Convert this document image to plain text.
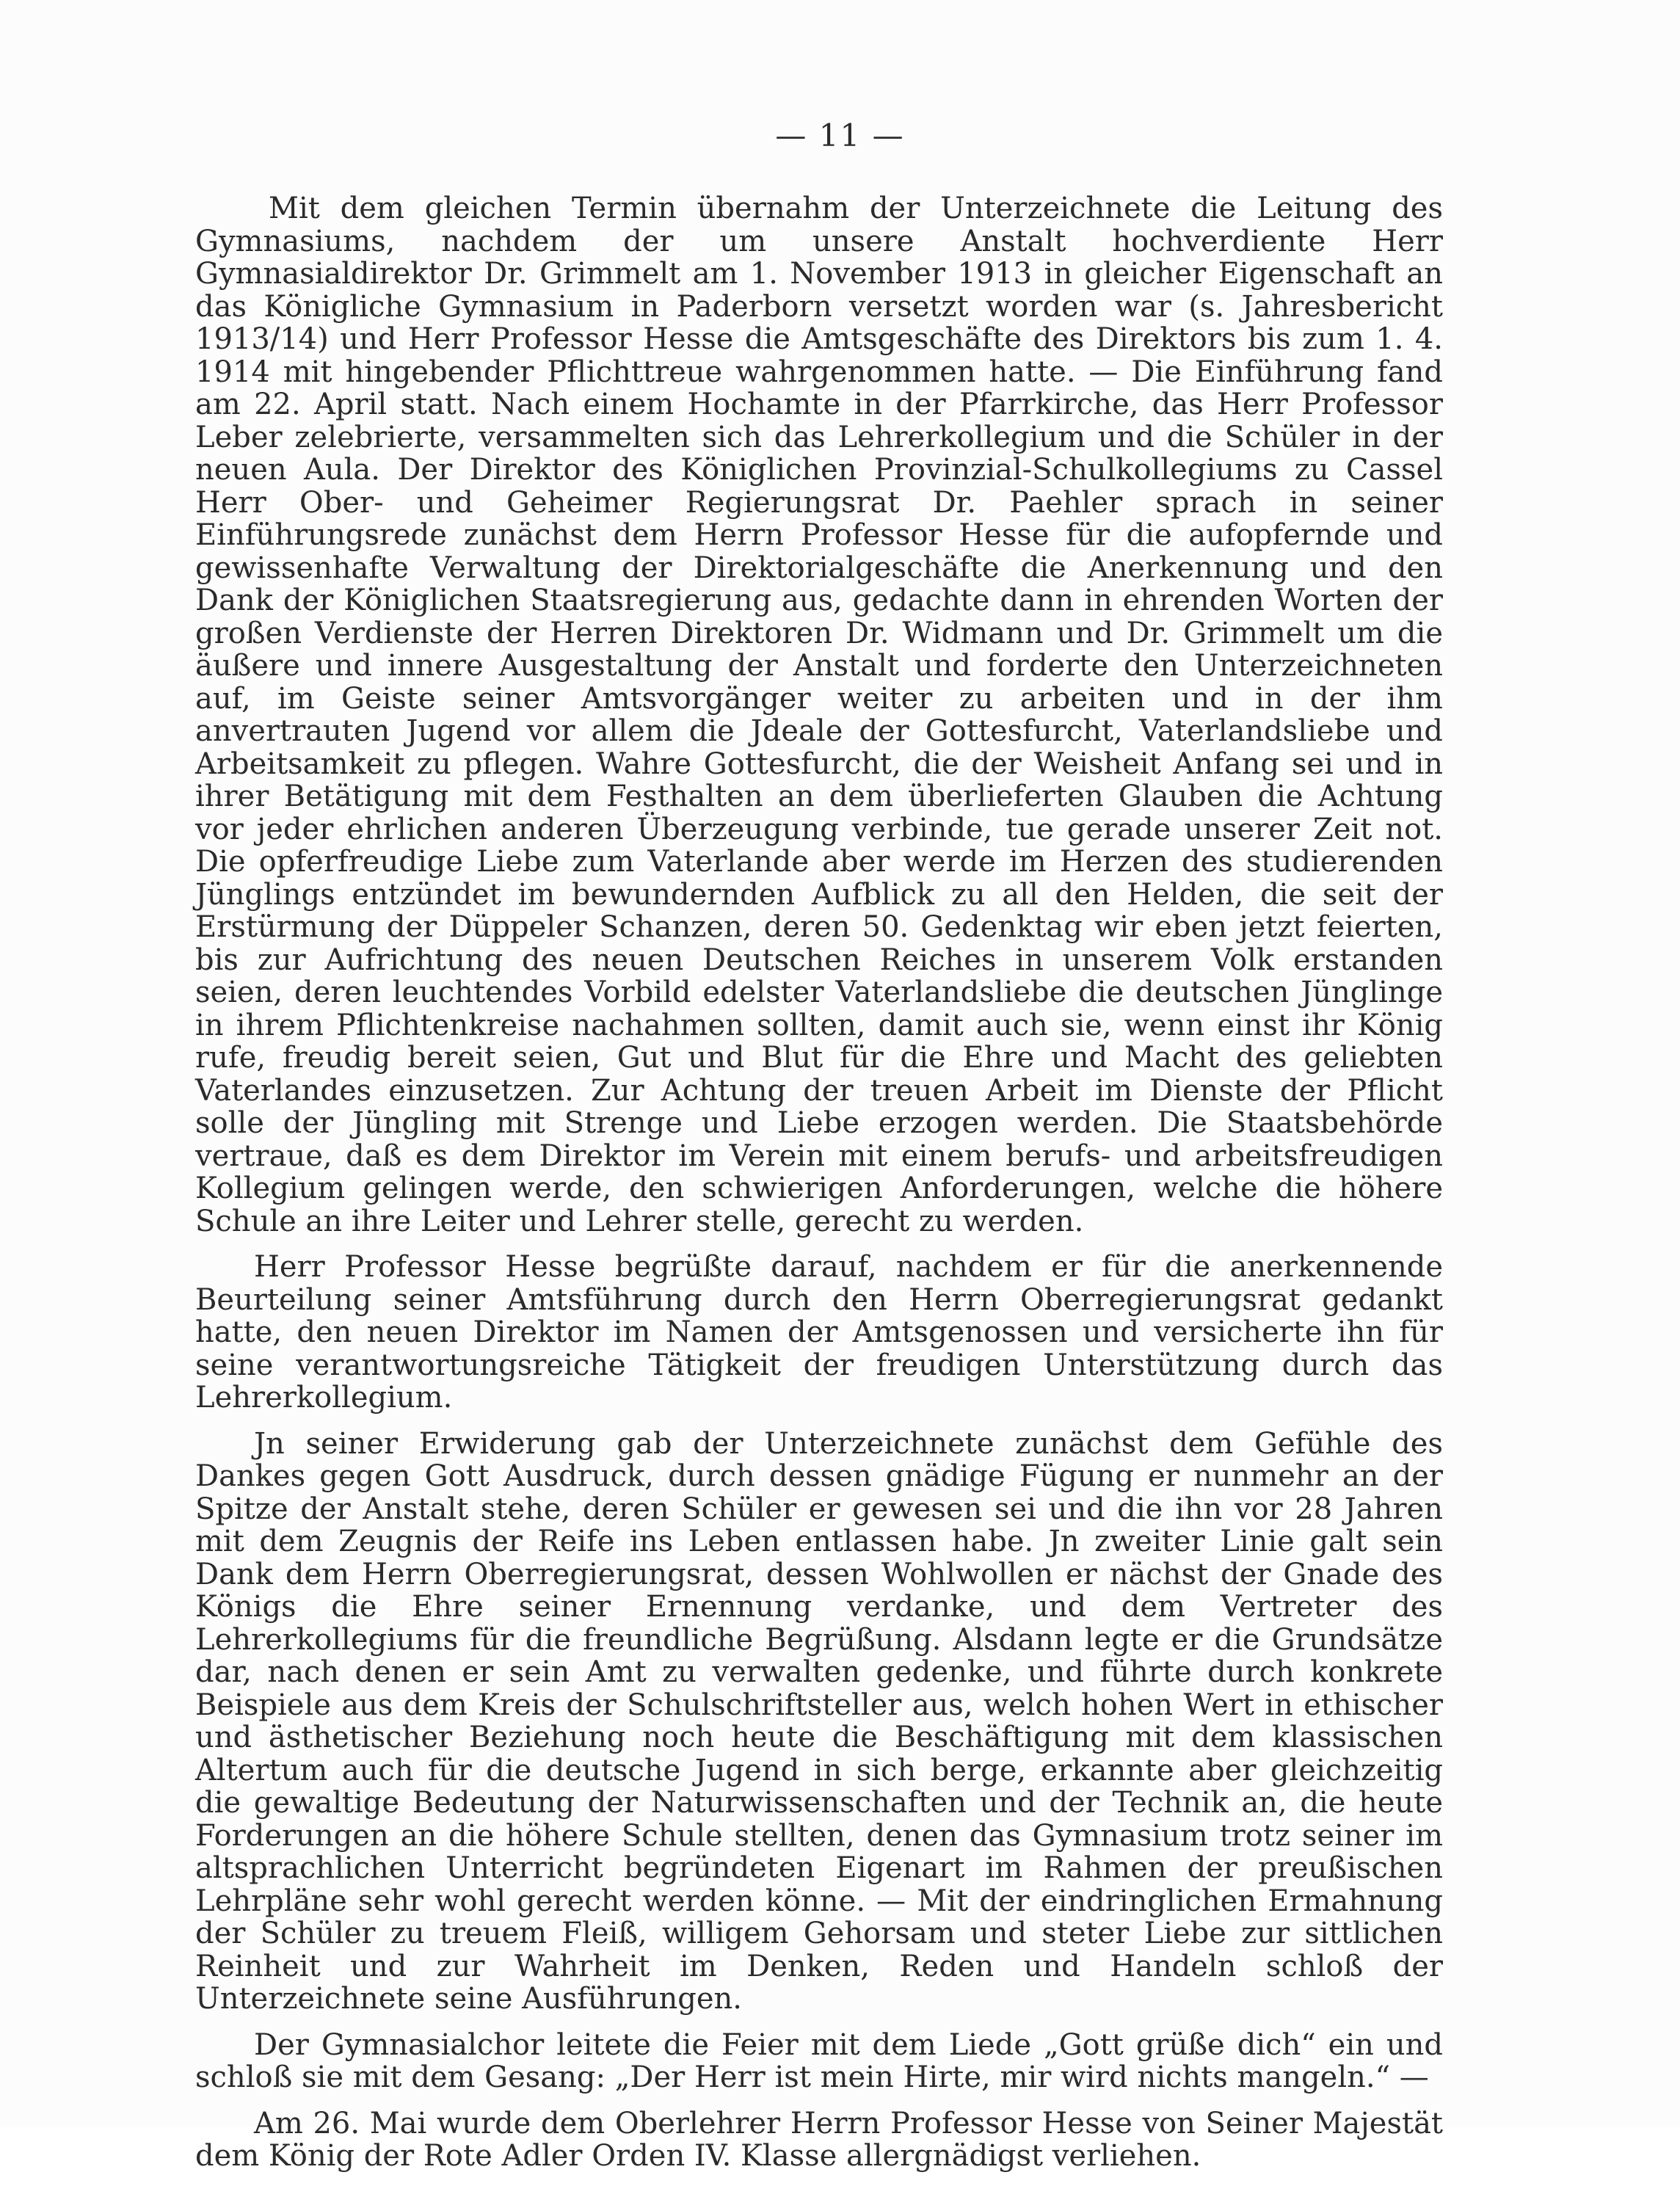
— 11 —

Mit dem gleichen Termin übernahm der Unterzeichnete die Leitung des Gymnasiums, nachdem der um unsere Anstalt hochverdiente Herr Gymnasialdirektor Dr. Grimmelt am 1. November 1913 in gleicher Eigenschaft an das Königliche Gymnasium in Paderborn versetzt worden war (s. Jahresbericht 1913/14) und Herr Professor Hesse die Amtsgeschäfte des Direktors bis zum 1. 4. 1914 mit hingebender Pflichttreue wahrgenommen hatte. — Die Einführung fand am 22. April statt. Nach einem Hochamte in der Pfarrkirche, das Herr Professor Leber zelebrierte, versammelten sich das Lehrerkollegium und die Schüler in der neuen Aula. Der Direktor des Königlichen Provinzial-Schulkollegiums zu Cassel Herr Ober- und Geheimer Regierungsrat Dr. Paehler sprach in seiner Einführungsrede zunächst dem Herrn Professor Hesse für die aufopfernde und gewissenhafte Verwaltung der Direktorialgeschäfte die Anerkennung und den Dank der Königlichen Staatsregierung aus, gedachte dann in ehrenden Worten der großen Verdienste der Herren Direktoren Dr. Widmann und Dr. Grimmelt um die äußere und innere Ausgestaltung der Anstalt und forderte den Unterzeichneten auf, im Geiste seiner Amtsvorgänger weiter zu arbeiten und in der ihm anvertrauten Jugend vor allem die Jdeale der Gottesfurcht, Vaterlandsliebe und Arbeitsamkeit zu pflegen. Wahre Gottesfurcht, die der Weisheit Anfang sei und in ihrer Betätigung mit dem Festhalten an dem überlieferten Glauben die Achtung vor jeder ehrlichen anderen Überzeugung verbinde, tue gerade unserer Zeit not. Die opferfreudige Liebe zum Vaterlande aber werde im Herzen des studierenden Jünglings entzündet im bewundernden Aufblick zu all den Helden, die seit der Erstürmung der Düppeler Schanzen, deren 50. Gedenktag wir eben jetzt feierten, bis zur Aufrichtung des neuen Deutschen Reiches in unserem Volk erstanden seien, deren leuchtendes Vorbild edelster Vaterlandsliebe die deutschen Jünglinge in ihrem Pflichtenkreise nachahmen sollten, damit auch sie, wenn einst ihr König rufe, freudig bereit seien, Gut und Blut für die Ehre und Macht des geliebten Vaterlandes einzusetzen. Zur Achtung der treuen Arbeit im Dienste der Pflicht solle der Jüngling mit Strenge und Liebe erzogen werden. Die Staatsbehörde vertraue, daß es dem Direktor im Verein mit einem berufs- und arbeitsfreudigen Kollegium gelingen werde, den schwierigen Anforderungen, welche die höhere Schule an ihre Leiter und Lehrer stelle, gerecht zu werden.

Herr Professor Hesse begrüßte darauf, nachdem er für die anerkennende Beurteilung seiner Amtsführung durch den Herrn Oberregierungsrat gedankt hatte, den neuen Direktor im Namen der Amtsgenossen und versicherte ihn für seine verantwortungsreiche Tätigkeit der freudigen Unterstützung durch das Lehrerkollegium.

Jn seiner Erwiderung gab der Unterzeichnete zunächst dem Gefühle des Dankes gegen Gott Ausdruck, durch dessen gnädige Fügung er nunmehr an der Spitze der Anstalt stehe, deren Schüler er gewesen sei und die ihn vor 28 Jahren mit dem Zeugnis der Reife ins Leben entlassen habe. Jn zweiter Linie galt sein Dank dem Herrn Oberregierungsrat, dessen Wohlwollen er nächst der Gnade des Königs die Ehre seiner Ernennung verdanke, und dem Vertreter des Lehrerkollegiums für die freundliche Begrüßung. Alsdann legte er die Grundsätze dar, nach denen er sein Amt zu verwalten gedenke, und führte durch konkrete Beispiele aus dem Kreis der Schulschriftsteller aus, welch hohen Wert in ethischer und ästhetischer Beziehung noch heute die Beschäftigung mit dem klassischen Altertum auch für die deutsche Jugend in sich berge, erkannte aber gleichzeitig die gewaltige Bedeutung der Naturwissenschaften und der Technik an, die heute Forderungen an die höhere Schule stellten, denen das Gymnasium trotz seiner im altsprachlichen Unterricht begründeten Eigenart im Rahmen der preußischen Lehrpläne sehr wohl gerecht werden könne. — Mit der eindringlichen Ermahnung der Schüler zu treuem Fleiß, willigem Gehorsam und steter Liebe zur sittlichen Reinheit und zur Wahrheit im Denken, Reden und Handeln schloß der Unterzeichnete seine Ausführungen.

Der Gymnasialchor leitete die Feier mit dem Liede „Gott grüße dich“ ein und schloß sie mit dem Gesang: „Der Herr ist mein Hirte, mir wird nichts mangeln.“ —

Am 26. Mai wurde dem Oberlehrer Herrn Professor Hesse von Seiner Majestät dem König der Rote Adler Orden IV. Klasse allergnädigst verliehen.
